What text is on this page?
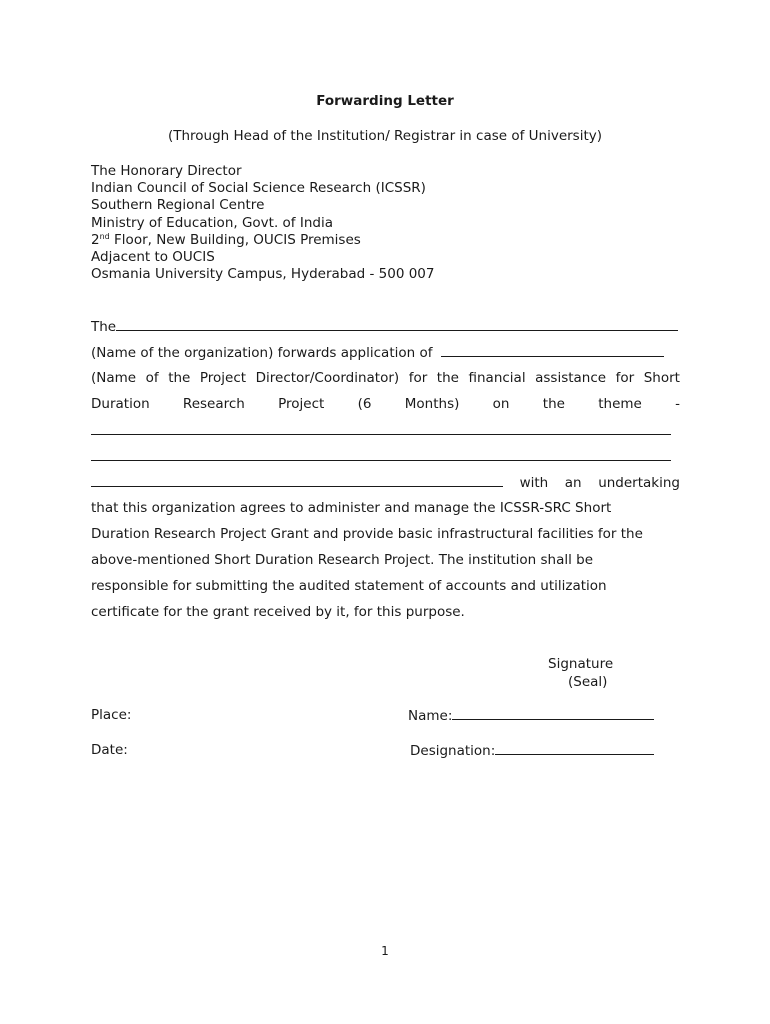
Forwarding Letter
(Through Head of the Institution/ Registrar in case of University)
The Honorary Director
Indian Council of Social Science Research (ICSSR)
Southern Regional Centre
Ministry of Education, Govt. of India
2nd Floor, New Building, OUCIS Premises
Adjacent to OUCIS
Osmania University Campus, Hyderabad - 500 007
The
(Name of the organization) forwards application of
(Name of the Project Director/Coordinator) for the financial assistance for Short
Duration Research Project (6 Months) on the theme -
with an undertaking
that this organization agrees to administer and manage the ICSSR-SRC Short
Duration Research Project Grant and provide basic infrastructural facilities for the
above-mentioned Short Duration Research Project. The institution shall be
responsible for submitting the audited statement of accounts and utilization
certificate for the grant received by it, for this purpose.
Signature
(Seal)
Place:	Name:
Date:	Designation:
1
